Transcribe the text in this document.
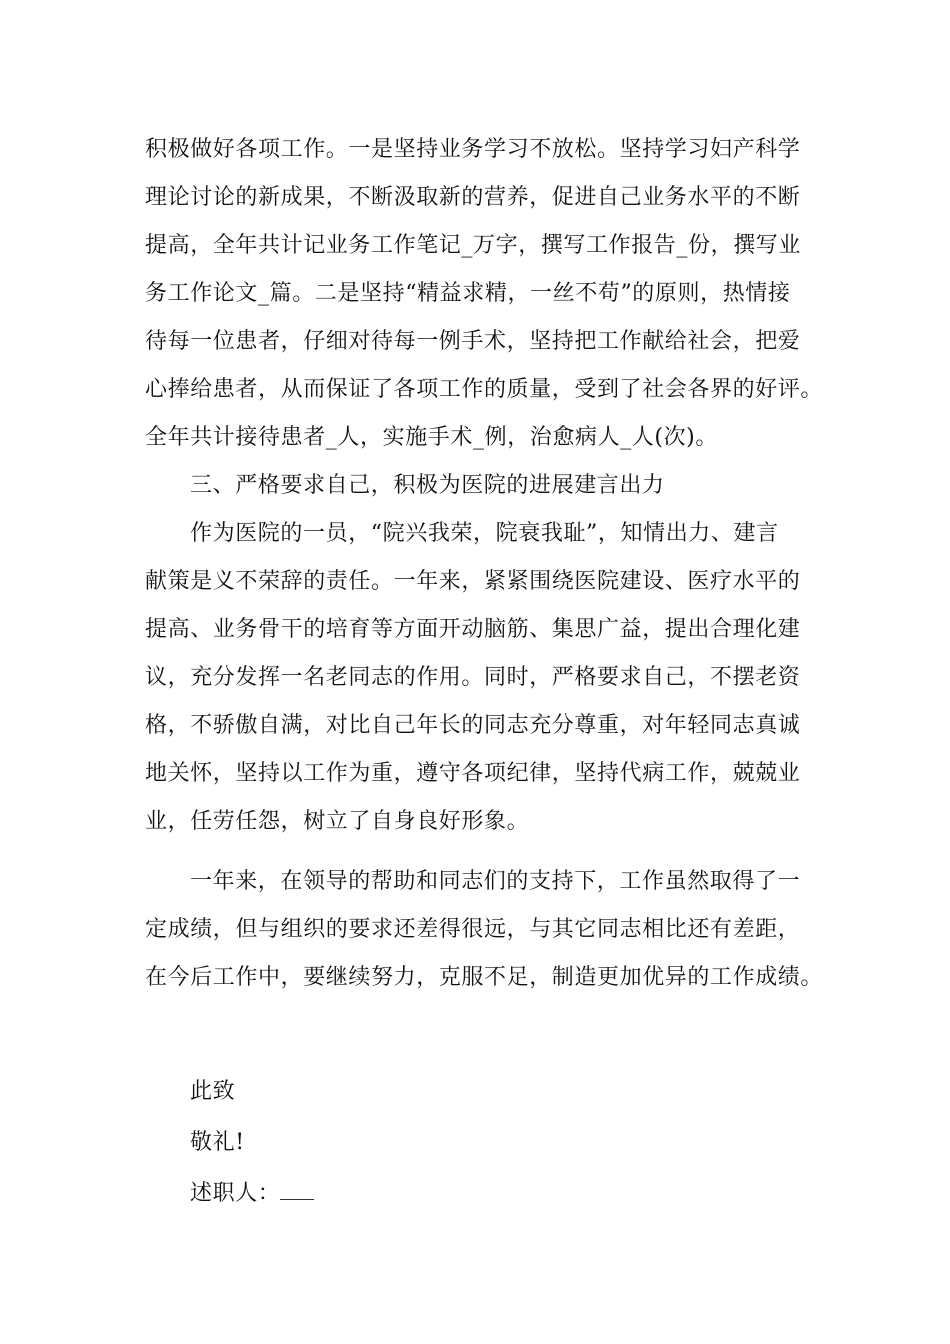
积极做好各项工作。一是坚持业务学习不放松。坚持学习妇产科学
理论讨论的新成果，不断汲取新的营养，促进自己业务水平的不断
提高，全年共计记业务工作笔记_万字，撰写工作报告_份，撰写业
务工作论文_篇。二是坚持“精益求精，一丝不苟”的原则，热情接
待每一位患者，仔细对待每一例手术，坚持把工作献给社会，把爱
心捧给患者，从而保证了各项工作的质量，受到了社会各界的好评。
全年共计接待患者_人，实施手术_例，治愈病人_人(次)。
三、严格要求自己，积极为医院的进展建言出力
作为医院的一员，“院兴我荣，院衰我耻”，知情出力、建言
献策是义不荣辞的责任。一年来，紧紧围绕医院建设、医疗水平的
提高、业务骨干的培育等方面开动脑筋、集思广益，提出合理化建
议，充分发挥一名老同志的作用。同时，严格要求自己，不摆老资
格，不骄傲自满，对比自己年长的同志充分尊重，对年轻同志真诚
地关怀，坚持以工作为重，遵守各项纪律，坚持代病工作，兢兢业
业，任劳任怨，树立了自身良好形象。
一年来，在领导的帮助和同志们的支持下，工作虽然取得了一
定成绩，但与组织的要求还差得很远，与其它同志相比还有差距，
在今后工作中，要继续努力，克服不足，制造更加优异的工作成绩。
此致
敬礼!
述职人：
